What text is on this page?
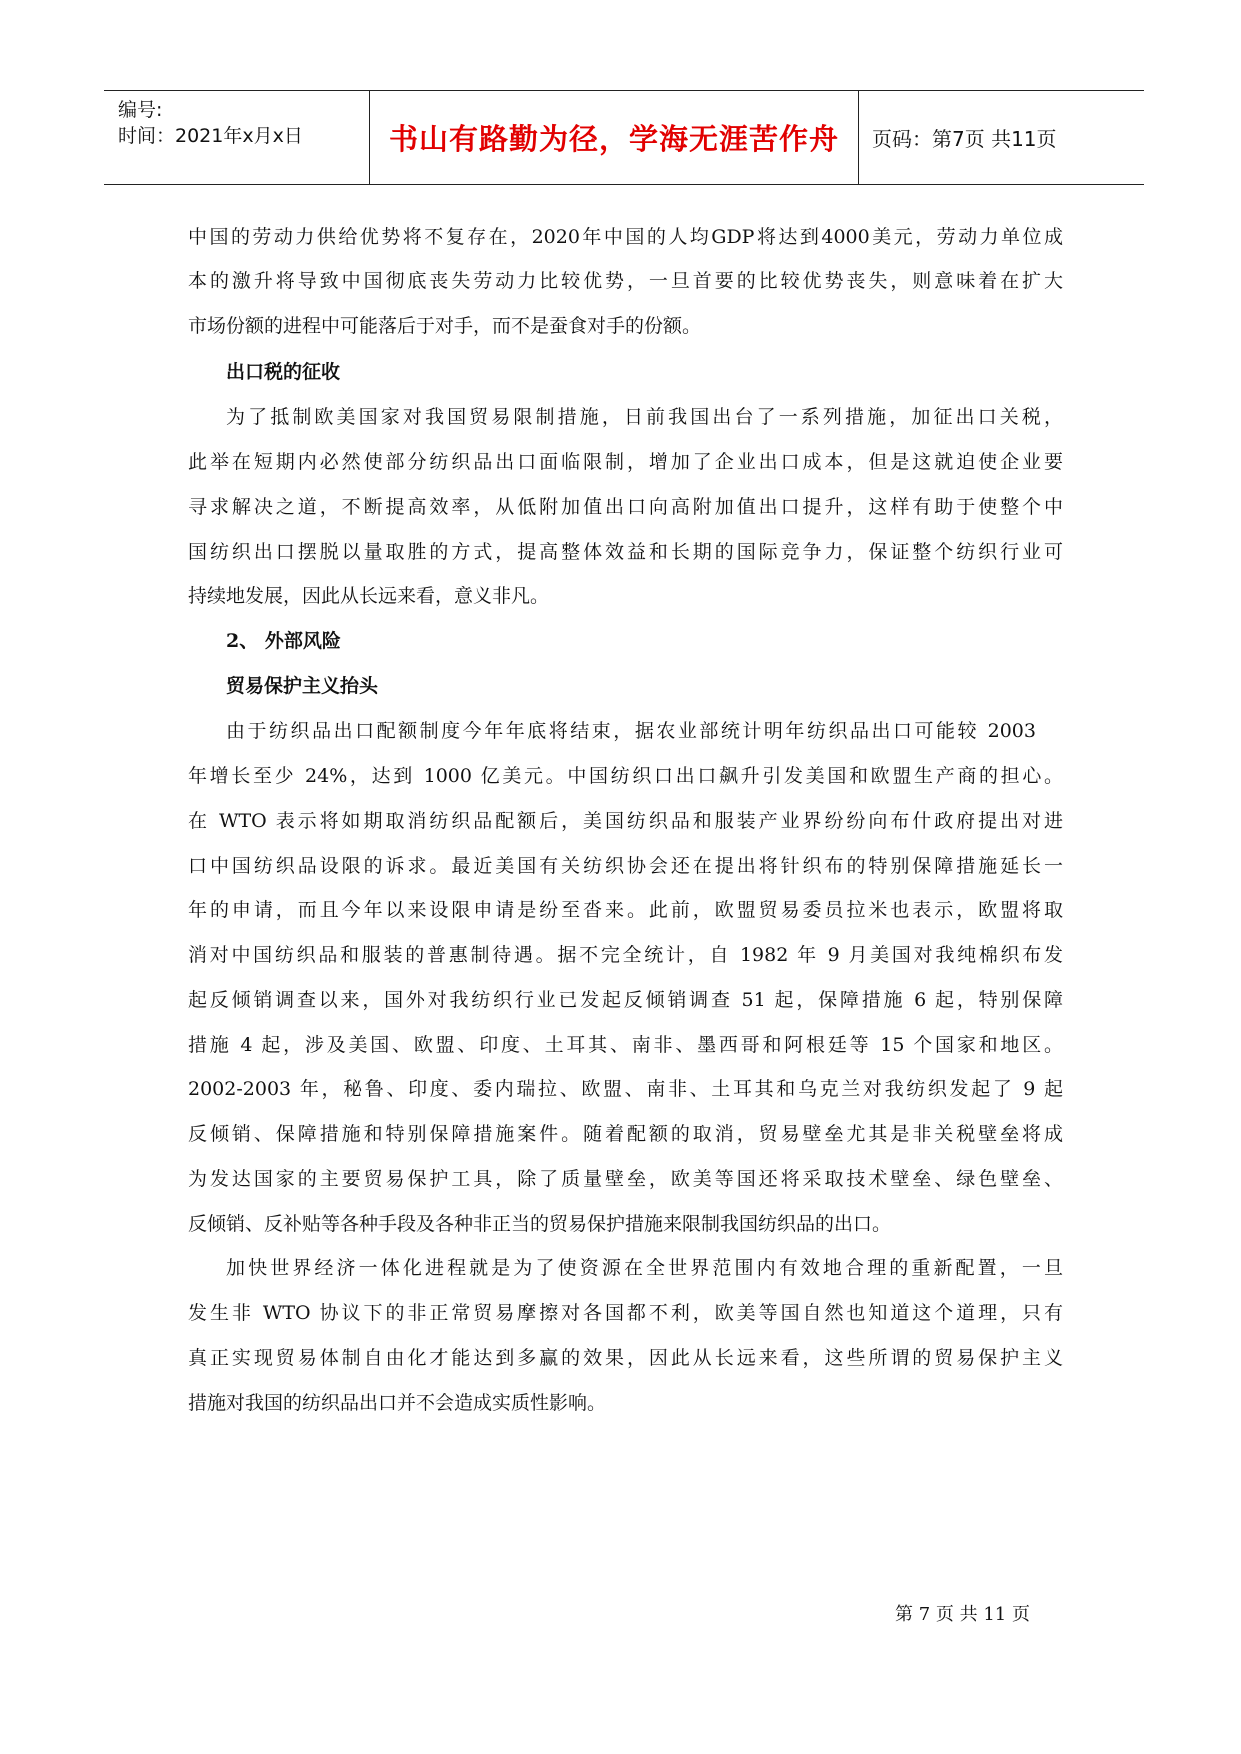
编号:
时间：2021年x月x日	书山有路勤为径，学海无涯苦作舟	页码：第7页 共11页
中国的劳动力供给优势将不复存在，2020年中国的人均GDP将达到4000美元，劳动力单位成
本的激升将导致中国彻底丧失劳动力比较优势，一旦首要的比较优势丧失，则意味着在扩大
市场份额的进程中可能落后于对手，而不是蚕食对手的份额。
出口税的征收
为了抵制欧美国家对我国贸易限制措施，日前我国出台了一系列措施，加征出口关税，
此举在短期内必然使部分纺织品出口面临限制，增加了企业出口成本，但是这就迫使企业要
寻求解决之道，不断提高效率，从低附加值出口向高附加值出口提升，这样有助于使整个中
国纺织出口摆脱以量取胜的方式，提高整体效益和长期的国际竞争力，保证整个纺织行业可
持续地发展，因此从长远来看，意义非凡。
2、 外部风险
贸易保护主义抬头
由于纺织品出口配额制度今年年底将结束，据农业部统计明年纺织品出口可能较 2003
年增长至少 24%，达到 1000 亿美元。中国纺织口出口飙升引发美国和欧盟生产商的担心。
在 WTO 表示将如期取消纺织品配额后，美国纺织品和服装产业界纷纷向布什政府提出对进
口中国纺织品设限的诉求。最近美国有关纺织协会还在提出将针织布的特别保障措施延长一
年的申请，而且今年以来设限申请是纷至沓来。此前，欧盟贸易委员拉米也表示，欧盟将取
消对中国纺织品和服装的普惠制待遇。据不完全统计，自 1982 年 9 月美国对我纯棉织布发
起反倾销调查以来，国外对我纺织行业已发起反倾销调查 51 起，保障措施 6 起，特别保障
措施 4 起，涉及美国、欧盟、印度、土耳其、南非、墨西哥和阿根廷等 15 个国家和地区。
2002-2003 年，秘鲁、印度、委内瑞拉、欧盟、南非、土耳其和乌克兰对我纺织发起了 9 起
反倾销、保障措施和特别保障措施案件。随着配额的取消，贸易壁垒尤其是非关税壁垒将成
为发达国家的主要贸易保护工具，除了质量壁垒，欧美等国还将采取技术壁垒、绿色壁垒、
反倾销、反补贴等各种手段及各种非正当的贸易保护措施来限制我国纺织品的出口。
加快世界经济一体化进程就是为了使资源在全世界范围内有效地合理的重新配置，一旦
发生非 WTO 协议下的非正常贸易摩擦对各国都不利，欧美等国自然也知道这个道理，只有
真正实现贸易体制自由化才能达到多赢的效果，因此从长远来看，这些所谓的贸易保护主义
措施对我国的纺织品出口并不会造成实质性影响。
第 7 页 共 11 页
